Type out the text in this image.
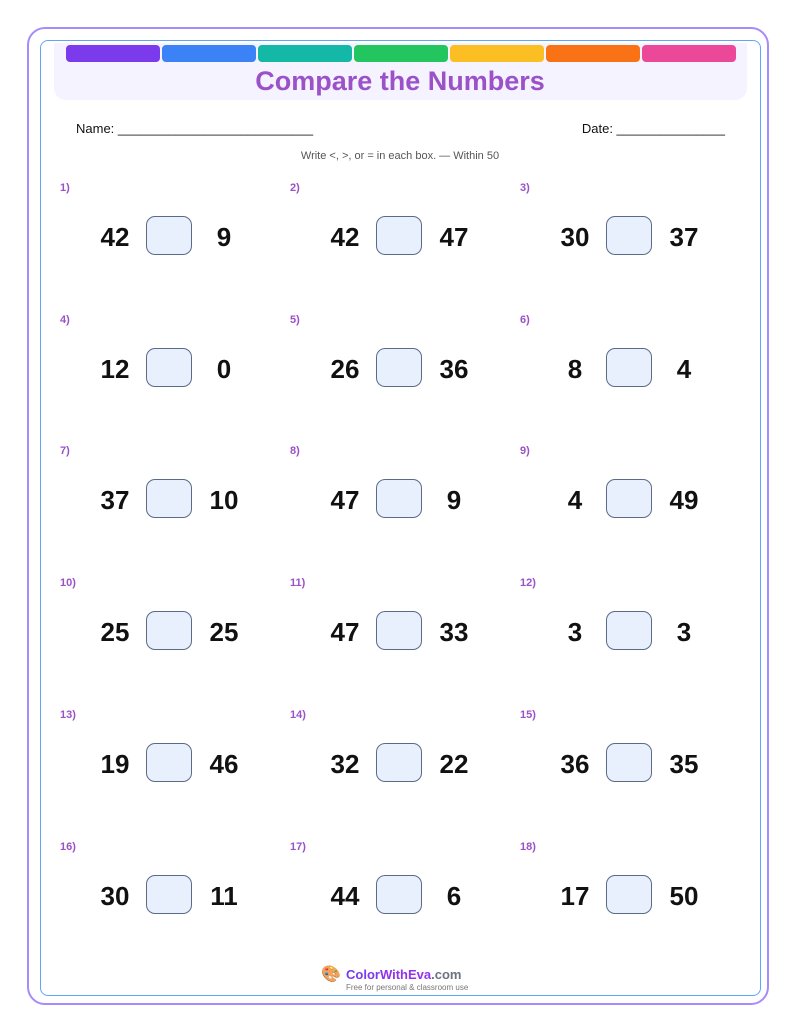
Compare the Numbers
Name: ___________________________	Date: _______________
Write <, >, or = in each box. — Within 50
1)
42	9
2)
42	47
3)
30	37
4)
12	0
5)
26	36
6)
8	4
7)
37	10
8)
47	9
9)
4	49
10)
25	25
11)
47	33
12)
3	3
13)
19	46
14)
32	22
15)
36	35
16)
30	11
17)
44	6
18)
17	50
🎨 ColorWithEva.com
Free for personal & classroom use
